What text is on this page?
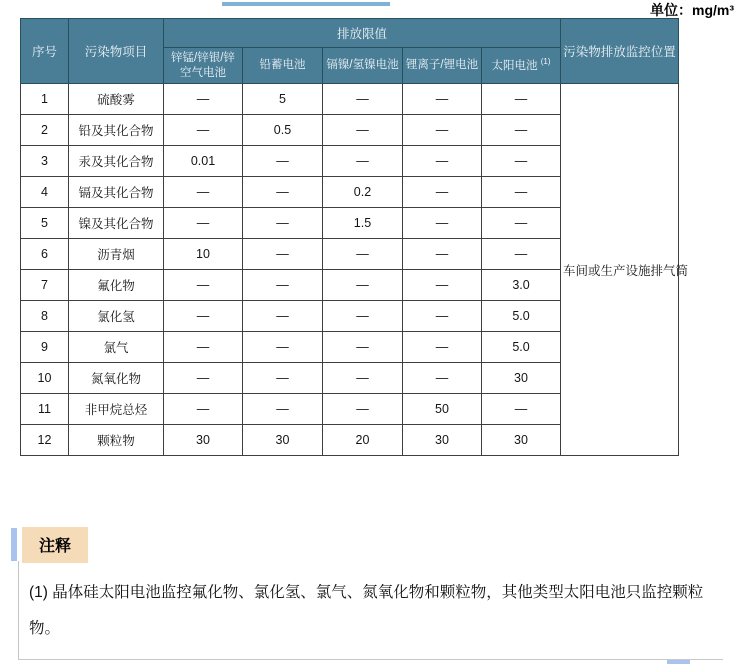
单位：mg/m³
序号	污染物项目	排放限值					污染物排放监控位置
		锌锰/锌银/锌空气电池	铅蓄电池	镉镍/氢镍电池	锂离子/锂电池	太阳电池 $^{(1)}$
1	硫酸雾	—	5	—	—	—	车间或生产设施排气筒
2	铅及其化合物	—	0.5	—	—	—	
3	汞及其化合物	0.01	—	—	—	—	
4	镉及其化合物	—	—	0.2	—	—	
5	镍及其化合物	—	—	1.5	—	—	
6	沥青烟	10	—	—	—	—	
7	氟化物	—	—	—	—	3.0	
8	氯化氢	—	—	—	—	5.0	
9	氯气	—	—	—	—	5.0	
10	氮氧化物	—	—	—	—	30	
11	非甲烷总烃	—	—	—	50	—	
12	颗粒物	30	30	20	30	30	
注释
(1) 晶体硅太阳电池监控氟化物、氯化氢、氯气、氮氧化物和颗粒物，其他类型太阳电池只监控颗粒物。
